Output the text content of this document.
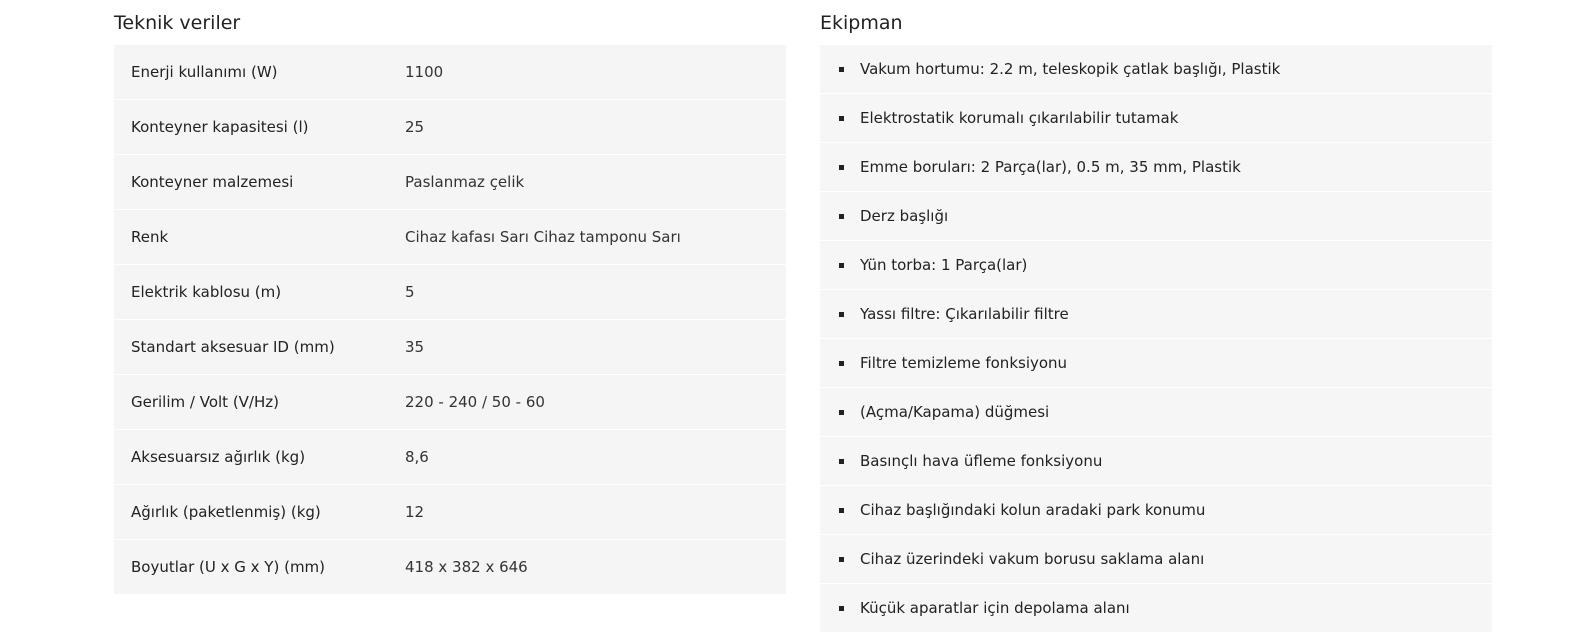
Teknik veriler
Enerji kullanımı (W)	1100
Konteyner kapasitesi (l)	25
Konteyner malzemesi	Paslanmaz çelik
Renk	Cihaz kafası Sarı Cihaz tamponu Sarı
Elektrik kablosu (m)	5
Standart aksesuar ID (mm)	35
Gerilim / Volt (V/Hz)	220 - 240 / 50 - 60
Aksesuarsız ağırlık (kg)	8,6
Ağırlık (paketlenmiş) (kg)	12
Boyutlar (U x G x Y) (mm)	418 x 382 x 646
Ekipman
Vakum hortumu: 2.2 m, teleskopik çatlak başlığı, Plastik
Elektrostatik korumalı çıkarılabilir tutamak
Emme boruları: 2 Parça(lar), 0.5 m, 35 mm, Plastik
Derz başlığı
Yün torba: 1 Parça(lar)
Yassı filtre: Çıkarılabilir filtre
Filtre temizleme fonksiyonu
(Açma/Kapama) düğmesi
Basınçlı hava üfleme fonksiyonu
Cihaz başlığındaki kolun aradaki park konumu
Cihaz üzerindeki vakum borusu saklama alanı
Küçük aparatlar için depolama alanı
